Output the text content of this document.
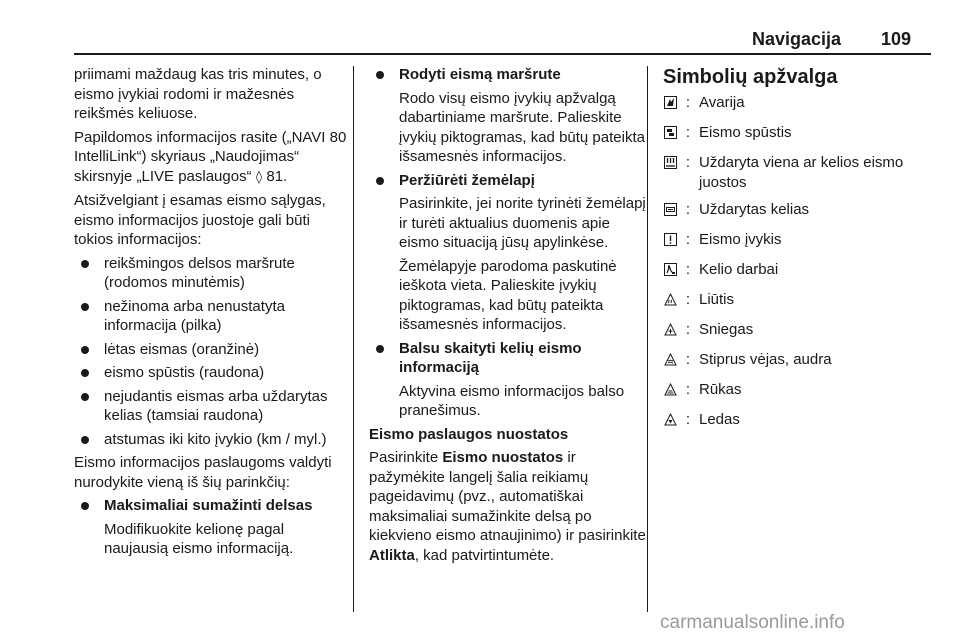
Navigacija 109

priimami maždaug kas tris minutes, o eismo įvykiai rodomi ir mažesnės reikšmės keliuose.

Papildomos informacijos rasite („NAVI 80 IntelliLink“) skyriaus „Naudojimas“ skirsnyje „LIVE paslaugos“ ◊ 81.

Atsižvelgiant į esamas eismo sąlygas, eismo informacijos juostoje gali būti tokios informacijos:

reikšmingos delsos maršrute (rodomos minutėmis)
nežinoma arba nenustatyta informacija (pilka)
lėtas eismas (oranžinė)
eismo spūstis (raudona)
nejudantis eismas arba uždarytas kelias (tamsiai raudona)
atstumas iki kito įvykio (km / myl.)

Eismo informacijos paslaugoms valdyti nurodykite vieną iš šių parinkčių:

Maksimaliai sumažinti delsas
Modifikuokite kelionę pagal naujausią eismo informaciją.
Rodyti eismą maršrute
Rodo visų eismo įvykių apžvalgą dabartiniame maršrute. Palieskite įvykių piktogramas, kad būtų pateikta išsamesnės informacijos.
Peržiūrėti žemėlapį
Pasirinkite, jei norite tyrinėti žemėlapį ir turėti aktualius duomenis apie eismo situaciją jūsų apylinkėse.
Žemėlapyje parodoma paskutinė ieškota vieta. Palieskite įvykių piktogramas, kad būtų pateikta išsamesnės informacijos.
Balsu skaityti kelių eismo informaciją
Aktyvina eismo informacijos balso pranešimus.

Eismo paslaugos nuostatos

Pasirinkite Eismo nuostatos ir pažymėkite langelį šalia reikiamų pageidavimų (pvz., automatiškai maksimaliai sumažinkite delsą po kiekvieno eismo atnaujinimo) ir pasirinkite Atlikta, kad patvirtintumėte.

Simbolių apžvalga

: Avarija
: Eismo spūstis
: Uždaryta viena ar kelios eismo juostos
: Uždarytas kelias
: Eismo įvykis
: Kelio darbai
: Liūtis
: Sniegas
: Stiprus vėjas, audra
: Rūkas
: Ledas
carmanualsonline.info
